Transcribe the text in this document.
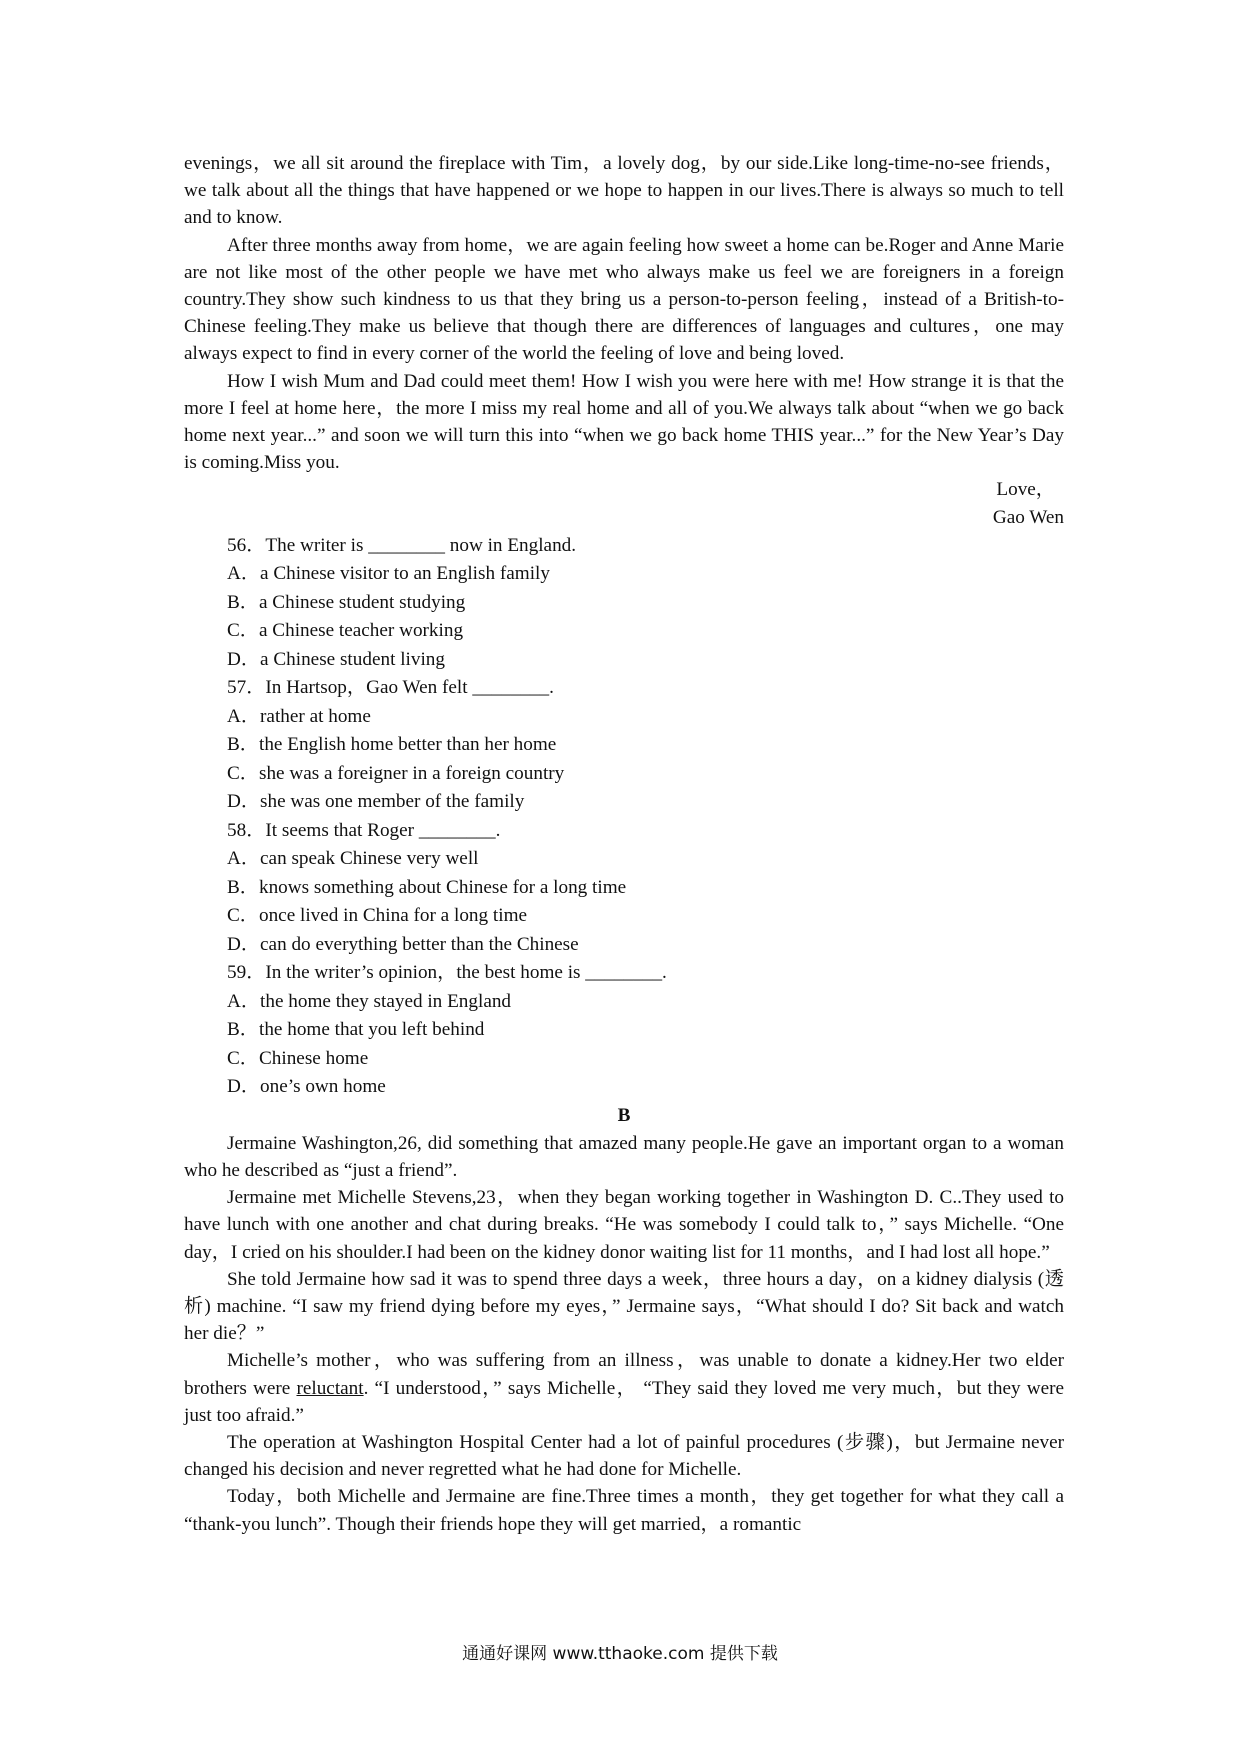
evenings，we all sit around the fireplace with Tim，a lovely dog，by our side.Like long-time-no-see friends，we talk about all the things that have happened or we hope to happen in our lives.There is always so much to tell and to know.

After three months away from home，we are again feeling how sweet a home can be.Roger and Anne Marie are not like most of the other people we have met who always make us feel we are foreigners in a foreign country.They show such kindness to us that they bring us a person-to-person feeling，instead of a British-to-Chinese feeling.They make us believe that though there are differences of languages and cultures，one may always expect to find in every corner of the world the feeling of love and being loved.

How I wish Mum and Dad could meet them! How I wish you were here with me! How strange it is that the more I feel at home here，the more I miss my real home and all of you.We always talk about “when we go back home next year...” and soon we will turn this into “when we go back home THIS year...” for the New Year’s Day is coming.Miss you.

Love，

Gao Wen

56．The writer is ________ now in England.

A．a Chinese visitor to an English family

B．a Chinese student studying

C．a Chinese teacher working

D．a Chinese student living

57．In Hartsop，Gao Wen felt ________.

A．rather at home

B．the English home better than her home

C．she was a foreigner in a foreign country

D．she was one member of the family

58．It seems that Roger ________.

A．can speak Chinese very well

B．knows something about Chinese for a long time

C．once lived in China for a long time

D．can do everything better than the Chinese

59．In the writer’s opinion，the best home is ________.

A．the home they stayed in England

B．the home that you left behind

C．Chinese home

D．one’s own home

B

Jermaine Washington,26, did something that amazed many people.He gave an important organ to a woman who he described as “just a friend”.

Jermaine met Michelle Stevens,23，when they began working together in Washington D. C..They used to have lunch with one another and chat during breaks. “He was somebody I could talk to，” says Michelle. “One day，I cried on his shoulder.I had been on the kidney donor waiting list for 11 months，and I had lost all hope.”

She told Jermaine how sad it was to spend three days a week，three hours a day，on a kidney dialysis (透析) machine. “I saw my friend dying before my eyes，” Jermaine says，“What should I do? Sit back and watch her die？”

Michelle’s mother，who was suffering from an illness，was unable to donate a kidney.Her two elder brothers were reluctant. “I understood，” says Michelle， “They said they loved me very much，but they were just too afraid.”

The operation at Washington Hospital Center had a lot of painful procedures (步骤)，but Jermaine never changed his decision and never regretted what he had done for Michelle.

Today，both Michelle and Jermaine are fine.Three times a month，they get together for what they call a “thank-you lunch”. Though their friends hope they will get married，a romantic

通通好课网 www.tthaoke.com 提供下载
